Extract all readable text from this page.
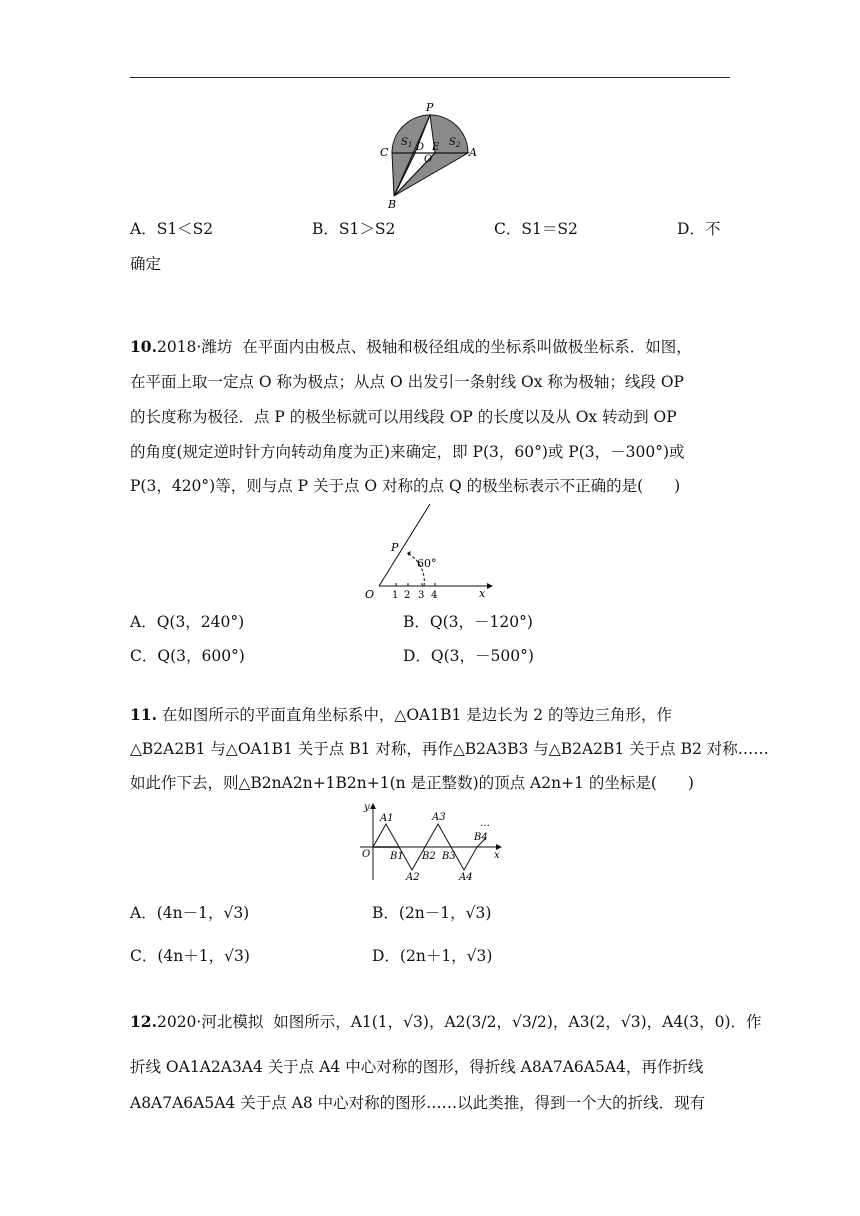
P
C
$S_1$ D E
O
$S_2$
A
B
A．S1＜S2	B．S1＞S2	C．S1＝S2	D．不
确定
10.2018·潍坊 在平面内由极点、极轴和极径组成的坐标系叫做极坐标系．如图，
在平面上取一定点 O 称为极点；从点 O 出发引一条射线 Ox 称为极轴；线段 OP
的长度称为极径．点 P 的极坐标就可以用线段 OP 的长度以及从 Ox 转动到 OP
的角度(规定逆时针方向转动角度为正)来确定，即 P(3，60°)或 P(3，－300°)或
P(3，420°)等，则与点 P 关于点 O 对称的点 Q 的极坐标表示不正确的是(　　)
60°
O
P
1 2 3 4	x
A．Q(3，240°)	B．Q(3，－120°)
C．Q(3，600°)	D．Q(3，－500°)
11. 在如图所示的平面直角坐标系中，△OA1B1 是边长为 2 的等边三角形，作
△B2A2B1 与△OA1B1 关于点 B1 对称，再作△B2A3B3 与△B2A2B1 关于点 B2 对称……
如此作下去，则△B2nA2n+1B2n+1(n 是正整数)的顶点 A2n+1 的坐标是(　　)
y
A1	A3
…
B4
O B1 B2 B3	x
A2	A4
A．(4n－1，√3)	B．(2n－1，√3)
C．(4n＋1，√3)	D．(2n＋1，√3)
12.2020·河北模拟 如图所示，A1(1，√3)，A2(3/2，√3/2)，A3(2，√3)，A4(3，0)．作
折线 OA1A2A3A4 关于点 A4 中心对称的图形，得折线 A8A7A6A5A4，再作折线
A8A7A6A5A4 关于点 A8 中心对称的图形……以此类推，得到一个大的折线．现有
